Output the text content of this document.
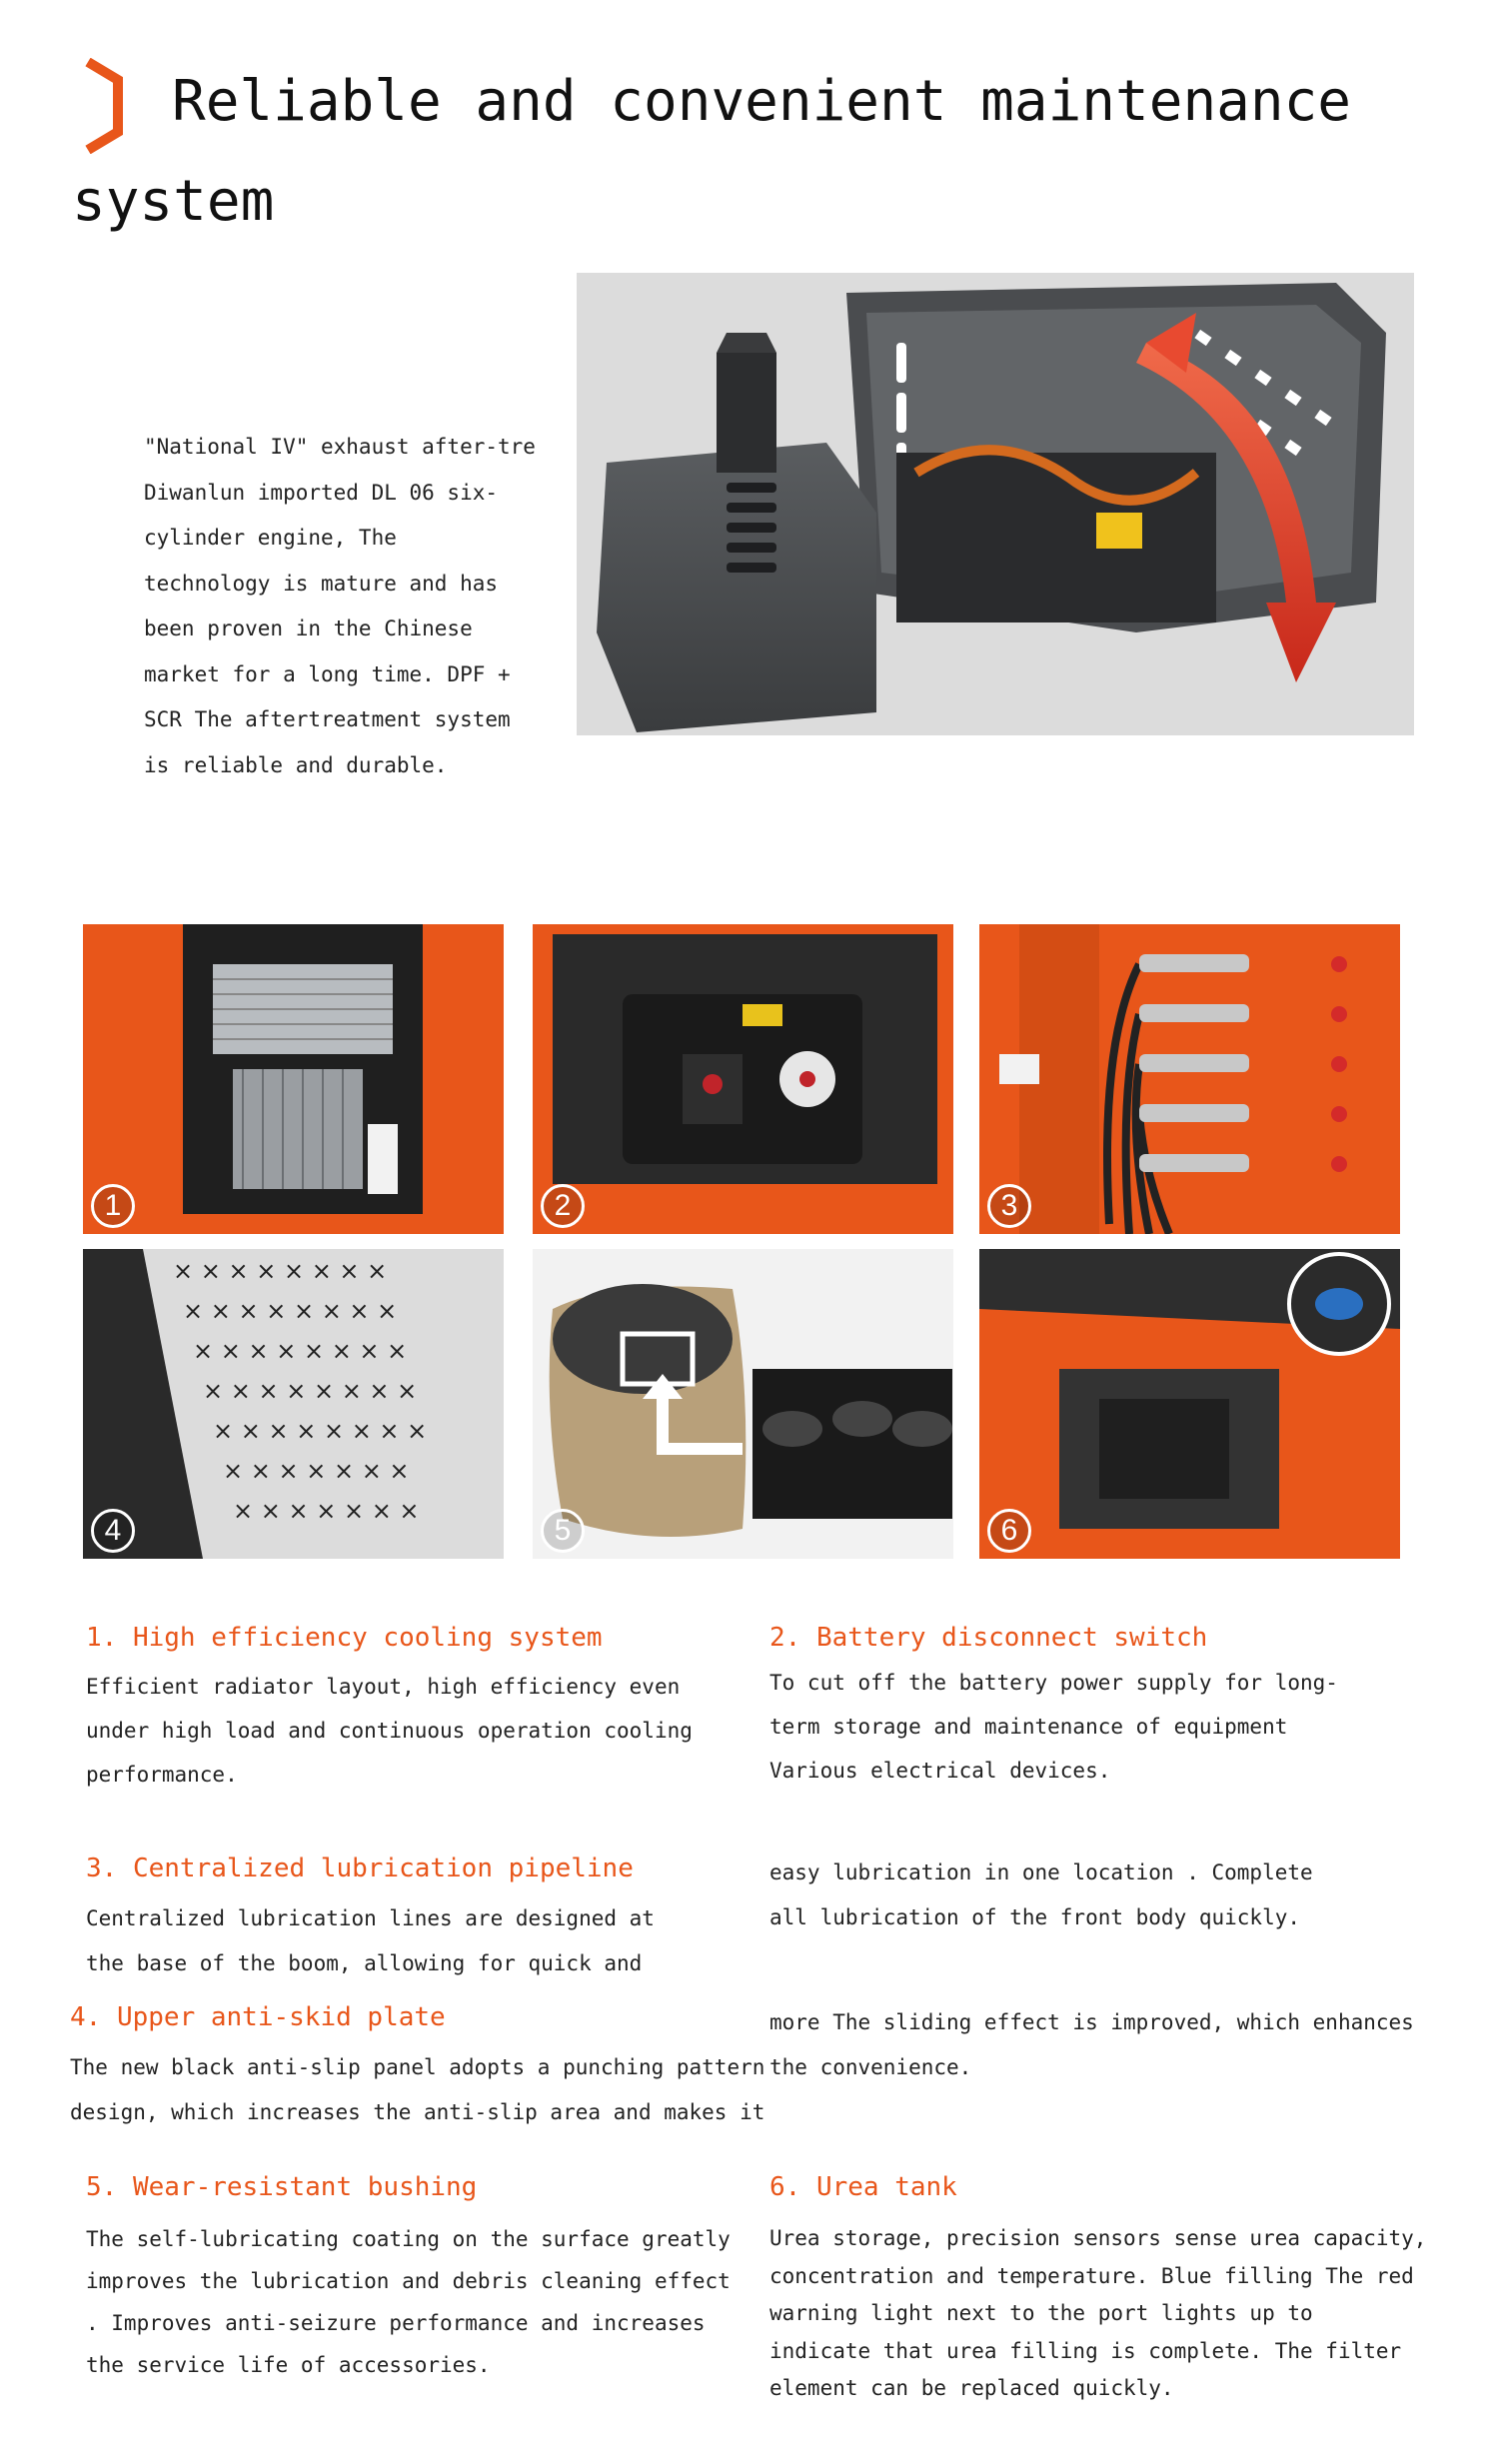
Reliable and convenient maintenance
system
"National IV" exhaust after-tre
Diwanlun imported DL 06 six-
cylinder engine, The
technology is mature and has
been proven in the Chinese
market for a long time. DPF +
SCR The aftertreatment system
is reliable and durable.
1	2	3
× × × × × × × ×
× × × × × × × ×
× × × × × × × ×
× × × × × × × ×
× × × × × × × ×
× × × × × × ×
× × × × × × ×
4	5	6
1. High efficiency cooling system
Efficient radiator layout, high efficiency even
under high load and continuous operation cooling
performance.
2. Battery disconnect switch
To cut off the battery power supply for long-
term storage and maintenance of equipment
Various electrical devices.
3. Centralized lubrication pipeline
Centralized lubrication lines are designed at
the base of the boom, allowing for quick and
easy lubrication in one location . Complete
all lubrication of the front body quickly.
4. Upper anti-skid plate
The new black anti-slip panel adopts a punching pattern
design, which increases the anti-slip area and makes it
more The sliding effect is improved, which enhances
the convenience.
5. Wear-resistant bushing
The self-lubricating coating on the surface greatly
improves the lubrication and debris cleaning effect
. Improves anti-seizure performance and increases
the service life of accessories.
6. Urea tank
Urea storage, precision sensors sense urea capacity,
concentration and temperature. Blue filling The red
warning light next to the port lights up to
indicate that urea filling is complete. The filter
element can be replaced quickly.
